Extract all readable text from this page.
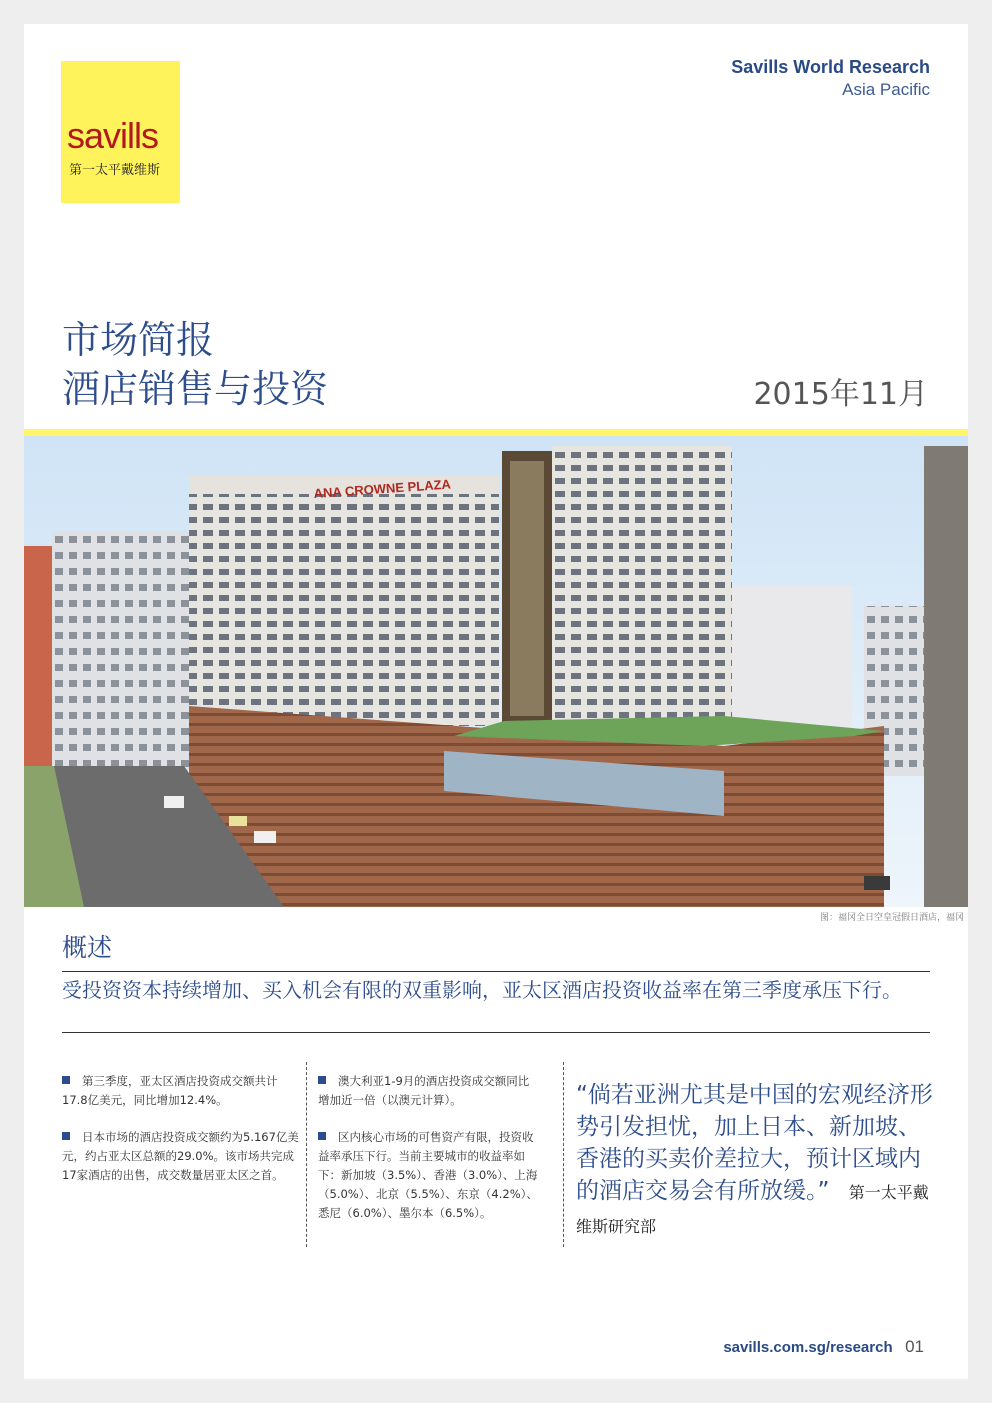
savills
第一太平戴维斯
Savills World Research
Asia Pacific
市场简报
酒店销售与投资	2015年11月
ANA CROWNE PLAZA
图：福冈全日空皇冠假日酒店，福冈
概述
受投资资本持续增加、买入机会有限的双重影响，亚太区酒店投资收益率在第三季度承压下行。

第三季度，亚太区酒店投资成交额共计17.8亿美元，同比增加12.4%。

日本市场的酒店投资成交额约为5.167亿美元，约占亚太区总额的29.0%。该市场共完成17家酒店的出售，成交数量居亚太区之首。

澳大利亚1-9月的酒店投资成交额同比增加近一倍（以澳元计算）。

区内核心市场的可售资产有限，投资收益率承压下行。当前主要城市的收益率如下：新加坡（3.5%）、香港（3.0%）、上海（5.0%）、北京（5.5%）、东京（4.2%）、悉尼（6.0%）、墨尔本（6.5%）。

“倘若亚洲尤其是中国的宏观经济形势引发担忧，加上日本、新加坡、香港的买卖价差拉大，预计区域内的酒店交易会有所放缓。” 第一太平戴维斯研究部
savills.com.sg/research 01
